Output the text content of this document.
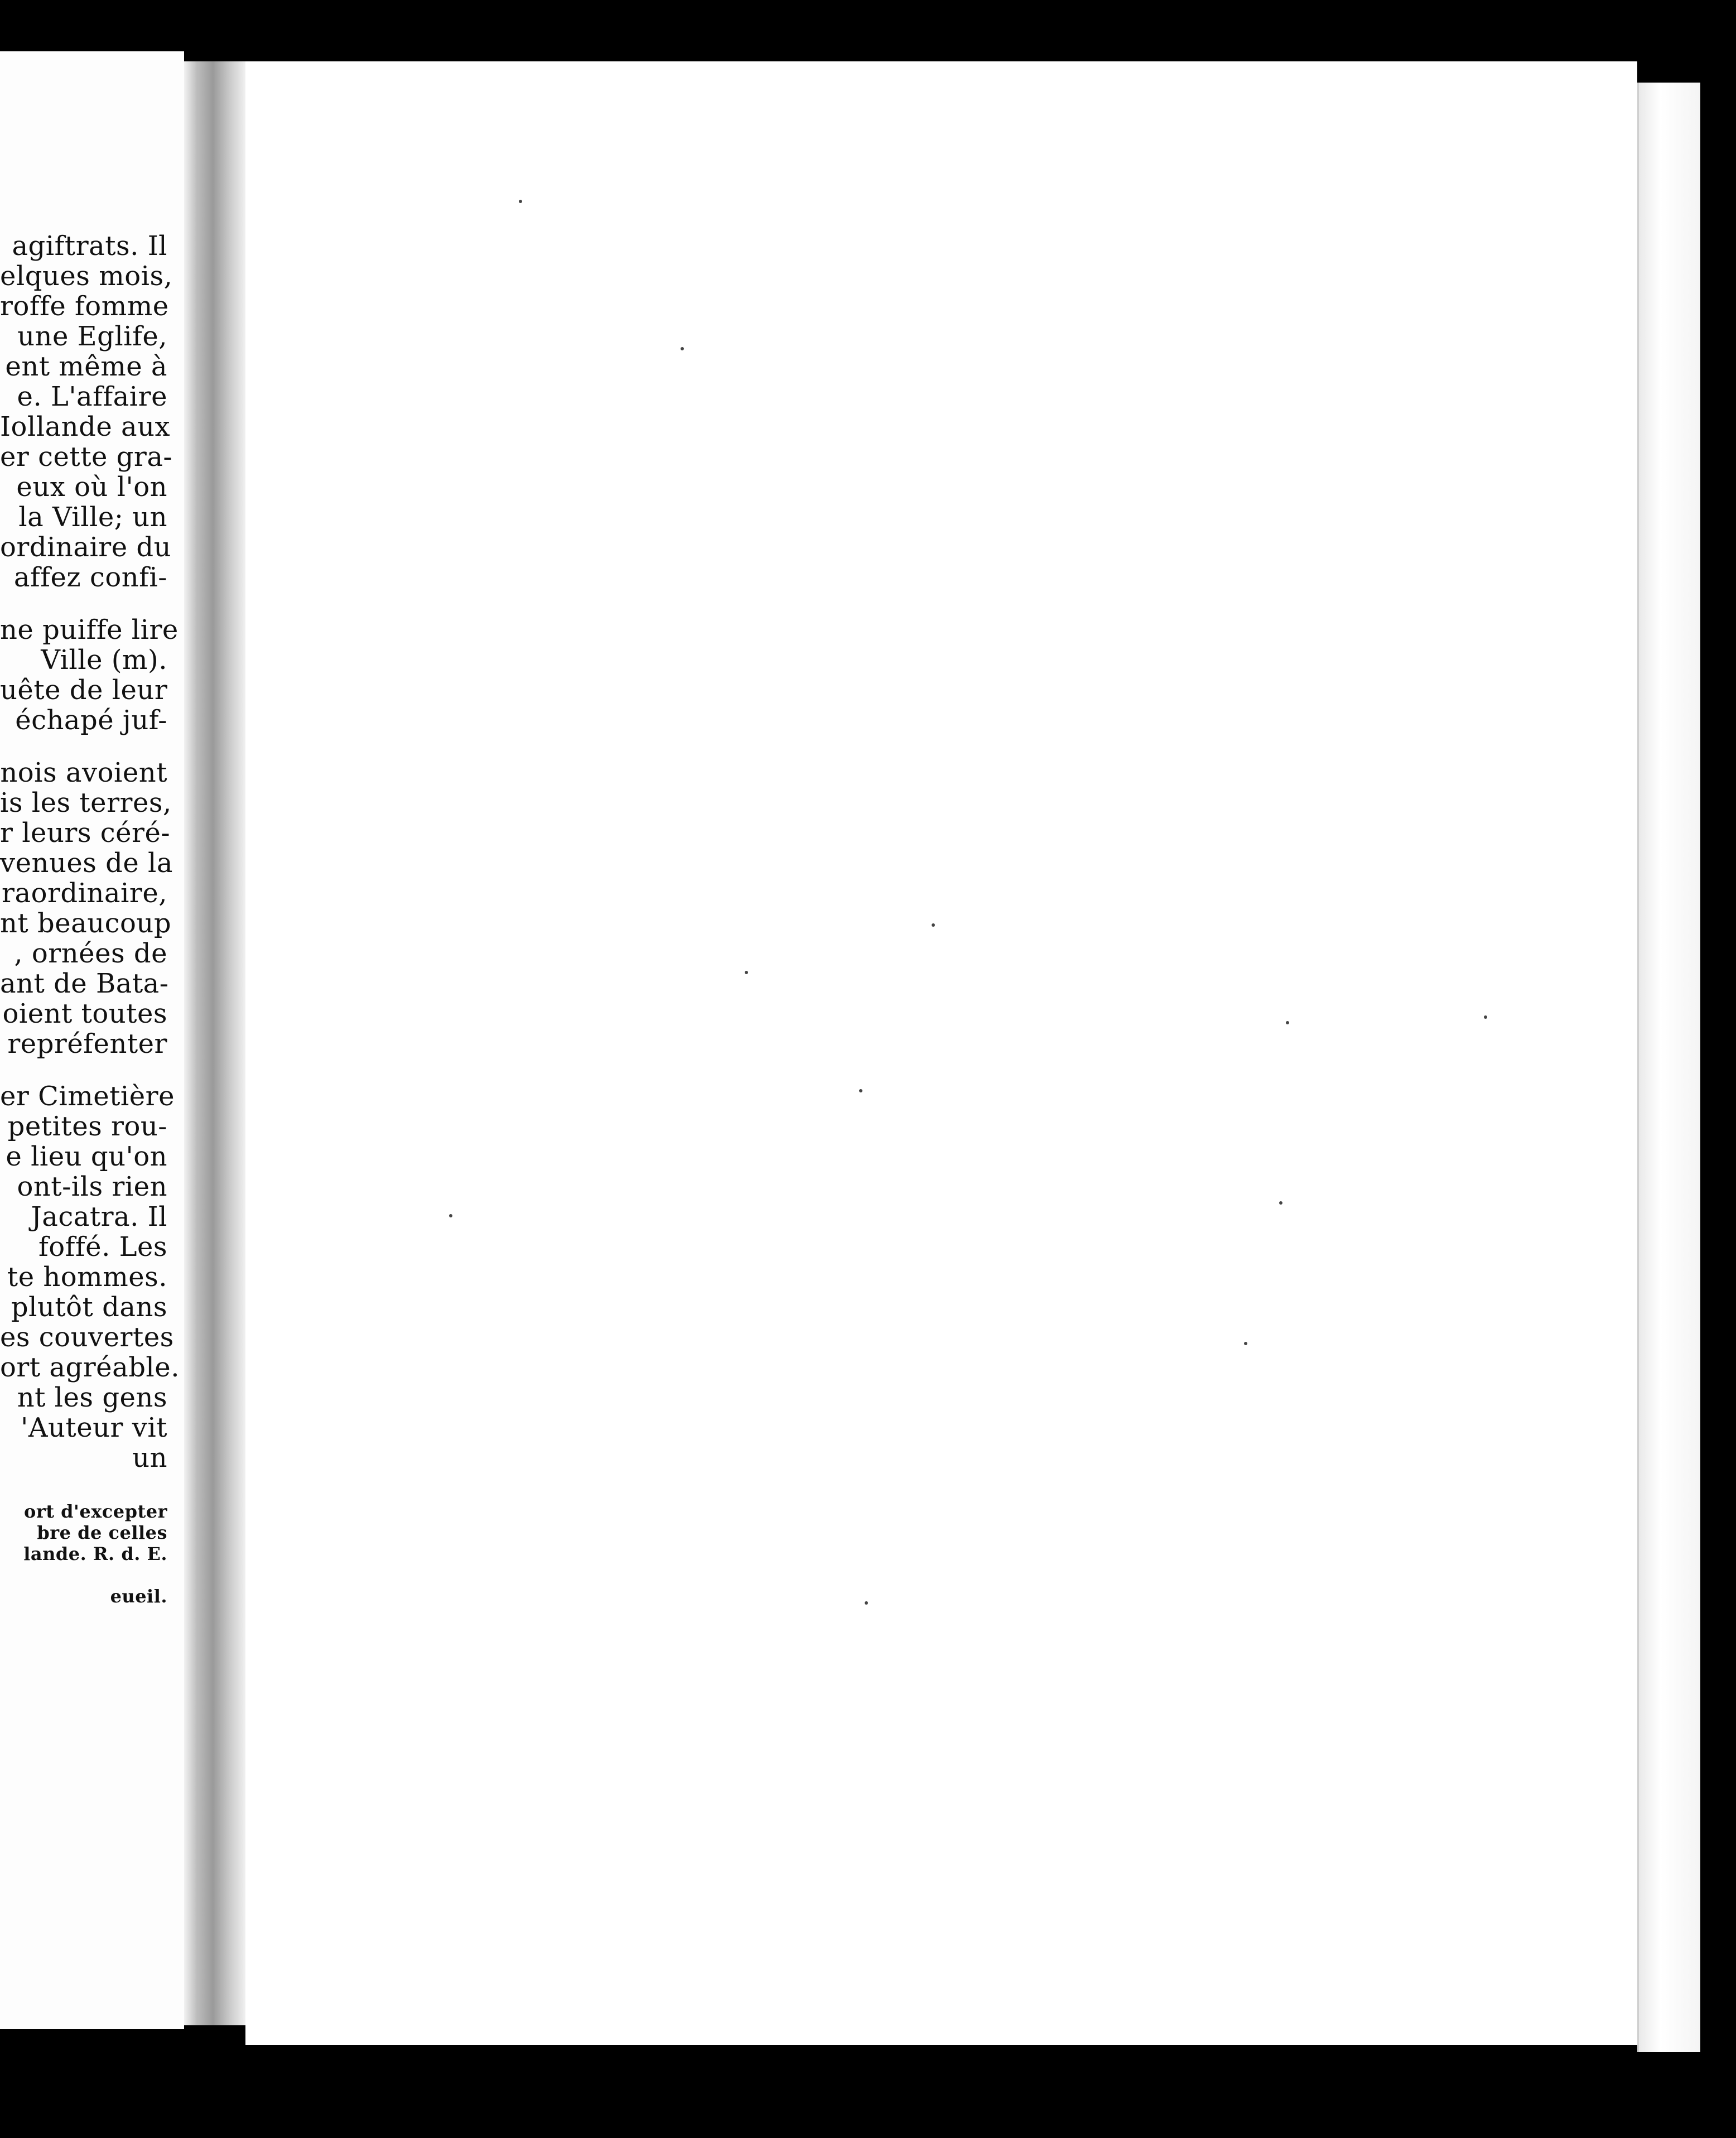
agiftrats. Il
elques mois,
roffe fomme
une Eglife,
ent même à
e. L'affaire
Iollande aux
er cette gra-
eux où l'on
la Ville; un
ordinaire du
affez confi-
ne puiffe lire
Ville (m).
uête de leur
échapé juf-
nois avoient
is les terres,
r leurs céré-
venues de la
raordinaire,
nt beaucoup
, ornées de
ant de Bata-
oient toutes
repréfenter
er Cimetière
petites rou-
e lieu qu'on
ont-ils rien
Jacatra. Il
foffé. Les
te hommes.
plutôt dans
es couvertes
ort agréable.
nt les gens
'Auteur vit
un
ort d'excepter
bre de celles
lande. R. d. E.
eueil.
